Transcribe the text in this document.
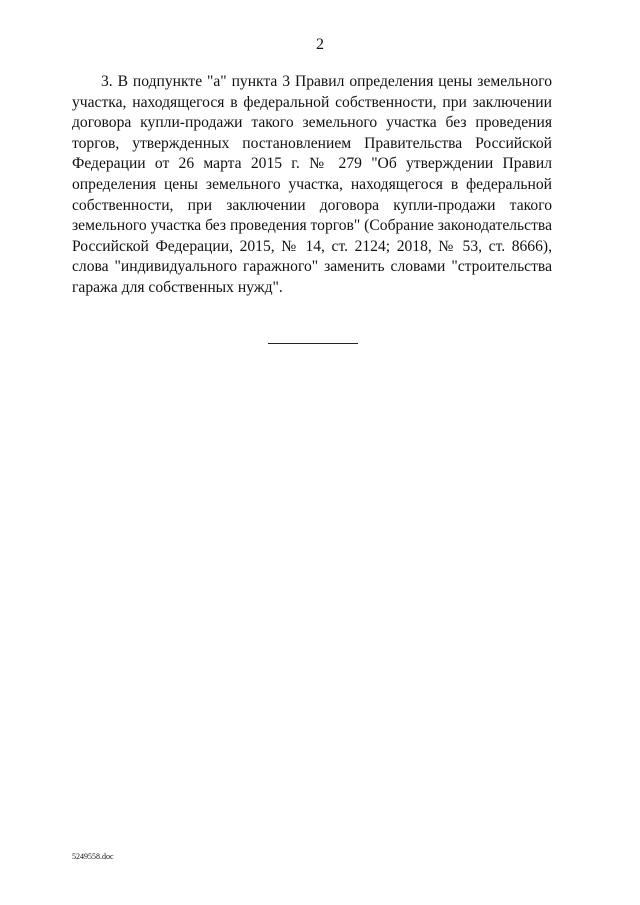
2

3. В подпункте "а" пункта 3 Правил определения цены земельного участка, находящегося в федеральной собственности, при заключении договора купли-продажи такого земельного участка без проведения торгов, утвержденных постановлением Правительства Российской Федерации от 26 марта 2015 г. № 279 "Об утверждении Правил определения цены земельного участка, находящегося в федеральной собственности, при заключении договора купли-продажи такого земельного участка без проведения торгов" (Собрание законодательства Российской Федерации, 2015, № 14, ст. 2124; 2018, № 53, ст. 8666), слова "индивидуального гаражного" заменить словами "строительства гаража для собственных нужд".

5249558.doc
